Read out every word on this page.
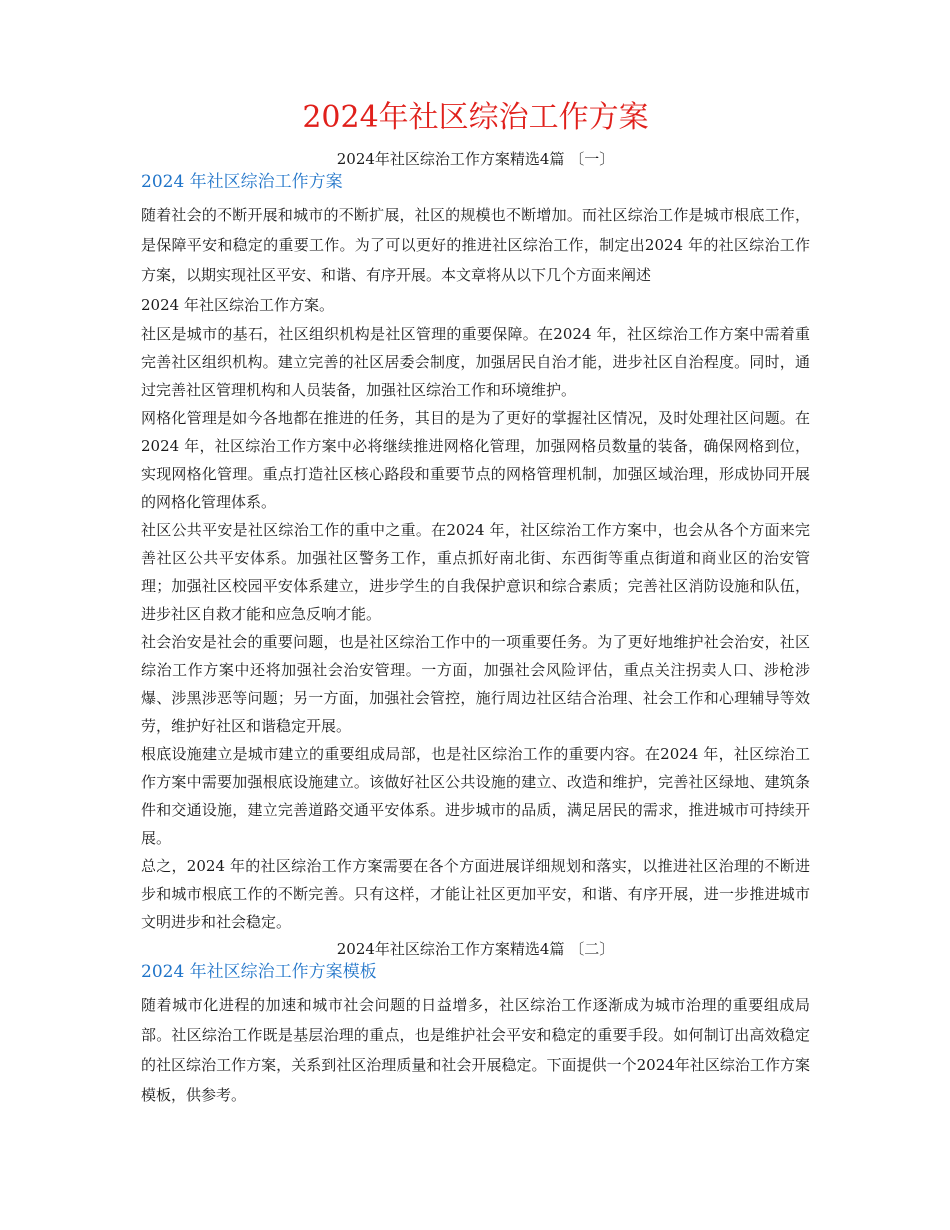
2024年社区综治工作方案

2024年社区综治工作方案精选4篇 〔一〕

2024 年社区综治工作方案

随着社会的不断开展和城市的不断扩展，社区的规模也不断增加。而社区综治工作是城市根底工作，是保障平安和稳定的重要工作。为了可以更好的推进社区综治工作，制定出2024 年的社区综治工作方案，以期实现社区平安、和谐、有序开展。本文章将从以下几个方面来阐述

2024 年社区综治工作方案。

社区是城市的基石，社区组织机构是社区管理的重要保障。在2024 年，社区综治工作方案中需着重完善社区组织机构。建立完善的社区居委会制度，加强居民自治才能，进步社区自治程度。同时，通过完善社区管理机构和人员装备，加强社区综治工作和环境维护。

网格化管理是如今各地都在推进的任务，其目的是为了更好的掌握社区情况，及时处理社区问题。在2024 年，社区综治工作方案中必将继续推进网格化管理，加强网格员数量的装备，确保网格到位，实现网格化管理。重点打造社区核心路段和重要节点的网格管理机制，加强区域治理，形成协同开展的网格化管理体系。

社区公共平安是社区综治工作的重中之重。在2024 年，社区综治工作方案中，也会从各个方面来完善社区公共平安体系。加强社区警务工作，重点抓好南北街、东西街等重点街道和商业区的治安管理；加强社区校园平安体系建立，进步学生的自我保护意识和综合素质；完善社区消防设施和队伍，进步社区自救才能和应急反响才能。

社会治安是社会的重要问题，也是社区综治工作中的一项重要任务。为了更好地维护社会治安，社区综治工作方案中还将加强社会治安管理。一方面，加强社会风险评估，重点关注拐卖人口、涉枪涉爆、涉黑涉恶等问题；另一方面，加强社会管控，施行周边社区结合治理、社会工作和心理辅导等效劳，维护好社区和谐稳定开展。

根底设施建立是城市建立的重要组成局部，也是社区综治工作的重要内容。在2024 年，社区综治工作方案中需要加强根底设施建立。该做好社区公共设施的建立、改造和维护，完善社区绿地、建筑条件和交通设施，建立完善道路交通平安体系。进步城市的品质，满足居民的需求，推进城市可持续开展。

总之，2024 年的社区综治工作方案需要在各个方面进展详细规划和落实，以推进社区治理的不断进步和城市根底工作的不断完善。只有这样，才能让社区更加平安，和谐、有序开展，进一步推进城市文明进步和社会稳定。

2024年社区综治工作方案精选4篇 〔二〕

2024 年社区综治工作方案模板

随着城市化进程的加速和城市社会问题的日益增多，社区综治工作逐渐成为城市治理的重要组成局部。社区综治工作既是基层治理的重点，也是维护社会平安和稳定的重要手段。如何制订出高效稳定的社区综治工作方案，关系到社区治理质量和社会开展稳定。下面提供一个2024年社区综治工作方案模板，供参考。
